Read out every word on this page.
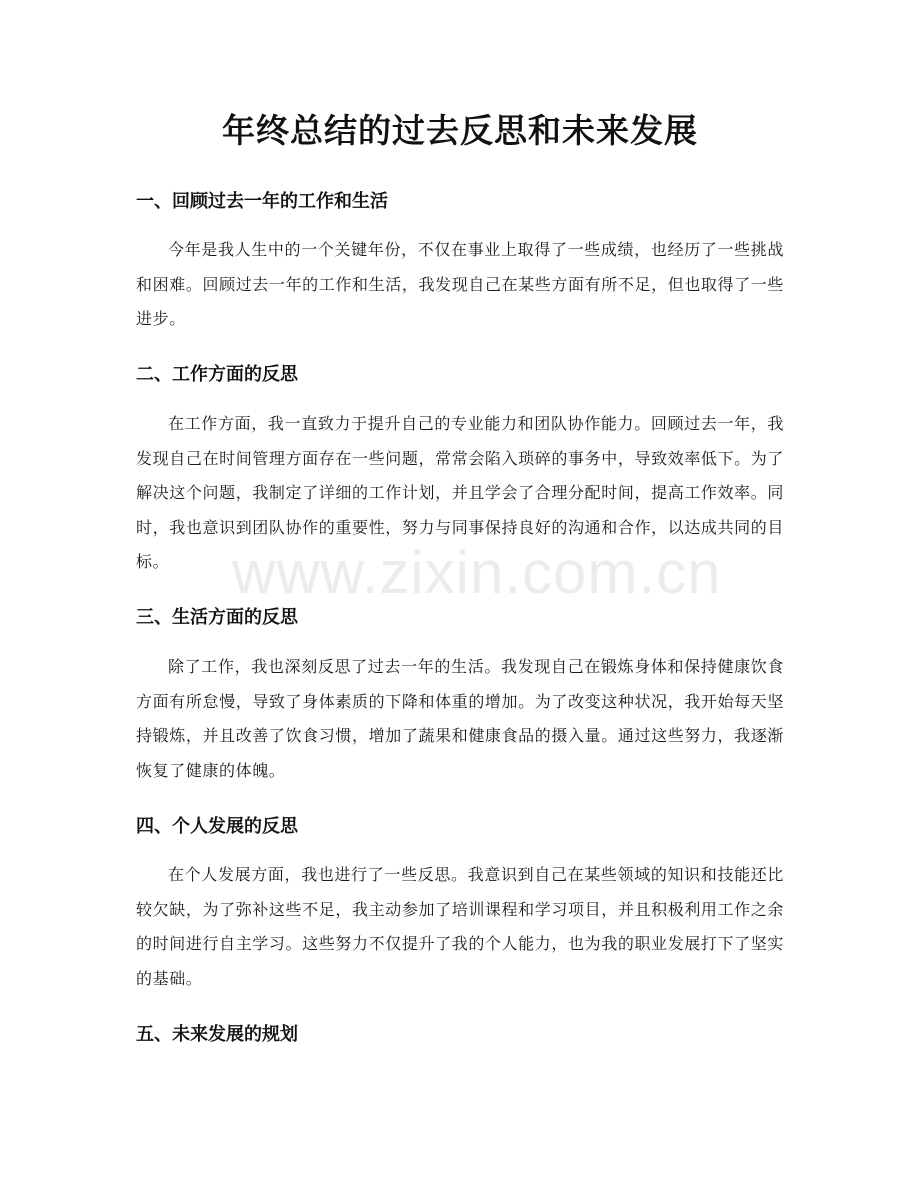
年终总结的过去反思和未来发展
一、回顾过去一年的工作和生活

今年是我人生中的一个关键年份，不仅在事业上取得了一些成绩，也经历了一些挑战和困难。回顾过去一年的工作和生活，我发现自己在某些方面有所不足，但也取得了一些进步。

二、工作方面的反思

在工作方面，我一直致力于提升自己的专业能力和团队协作能力。回顾过去一年，我发现自己在时间管理方面存在一些问题，常常会陷入琐碎的事务中，导致效率低下。为了解决这个问题，我制定了详细的工作计划，并且学会了合理分配时间，提高工作效率。同时，我也意识到团队协作的重要性，努力与同事保持良好的沟通和合作，以达成共同的目标。

三、生活方面的反思

除了工作，我也深刻反思了过去一年的生活。我发现自己在锻炼身体和保持健康饮食方面有所怠慢，导致了身体素质的下降和体重的增加。为了改变这种状况，我开始每天坚持锻炼，并且改善了饮食习惯，增加了蔬果和健康食品的摄入量。通过这些努力，我逐渐恢复了健康的体魄。

四、个人发展的反思

在个人发展方面，我也进行了一些反思。我意识到自己在某些领域的知识和技能还比较欠缺，为了弥补这些不足，我主动参加了培训课程和学习项目，并且积极利用工作之余的时间进行自主学习。这些努力不仅提升了我的个人能力，也为我的职业发展打下了坚实的基础。

五、未来发展的规划
www.zixin.com.cn
